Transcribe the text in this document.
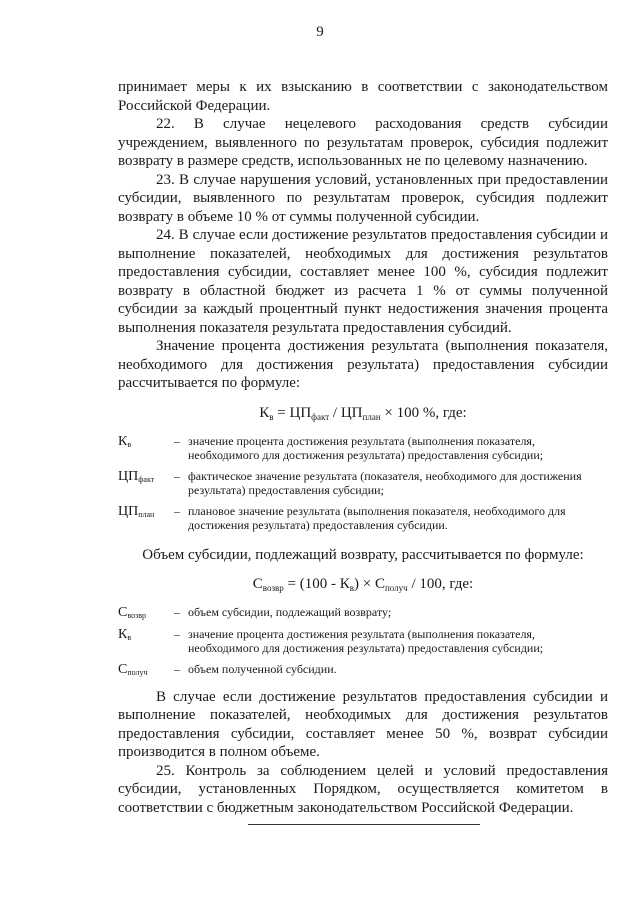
9

принимает меры к их взысканию в соответствии с законодательством Российской Федерации.

22. В случае нецелевого расходования средств субсидии учреждением, выявленного по результатам проверок, субсидия подлежит возврату в размере средств, использованных не по целевому назначению.

23. В случае нарушения условий, установленных при предоставлении субсидии, выявленного по результатам проверок, субсидия подлежит возврату в объеме 10 % от суммы полученной субсидии.

24. В случае если достижение результатов предоставления субсидии и выполнение показателей, необходимых для достижения результатов предоставления субсидии, составляет менее 100 %, субсидия подлежит возврату в областной бюджет из расчета 1 % от суммы полученной субсидии за каждый процентный пункт недостижения значения процента выполнения показателя результата предоставления субсидий.

Значение процента достижения результата (выполнения показателя, необходимого для достижения результата) предоставления субсидии рассчитывается по формуле:

$К_в = ЦП_{факт} / ЦП_{план} \times 100$ %, где:
$К_в$	– значение процента достижения результата (выполнения показателя, необходимого для достижения результата) предоставления субсидии;
$ЦП_{факт}$	– фактическое значение результата (показателя, необходимого для достижения результата) предоставления субсидии;
$ЦП_{план}$	– плановое значение результата (выполнения показателя, необходимого для достижения результата) предоставления субсидии.
Объем субсидии, подлежащий возврату, рассчитывается по формуле:
$С_{возвр} = (100 - К_в) \times С_{получ} / 100$, где:
$С_{возвр}$	– объем субсидии, подлежащий возврату;
$К_в$	– значение процента достижения результата (выполнения показателя, необходимого для достижения результата) предоставления субсидии;
$С_{получ}$	– объем полученной субсидии.

В случае если достижение результатов предоставления субсидии и выполнение показателей, необходимых для достижения результатов предоставления субсидии, составляет менее 50 %, возврат субсидии производится в полном объеме.

25. Контроль за соблюдением целей и условий предоставления субсидии, установленных Порядком, осуществляется комитетом в соответствии с бюджетным законодательством Российской Федерации.
